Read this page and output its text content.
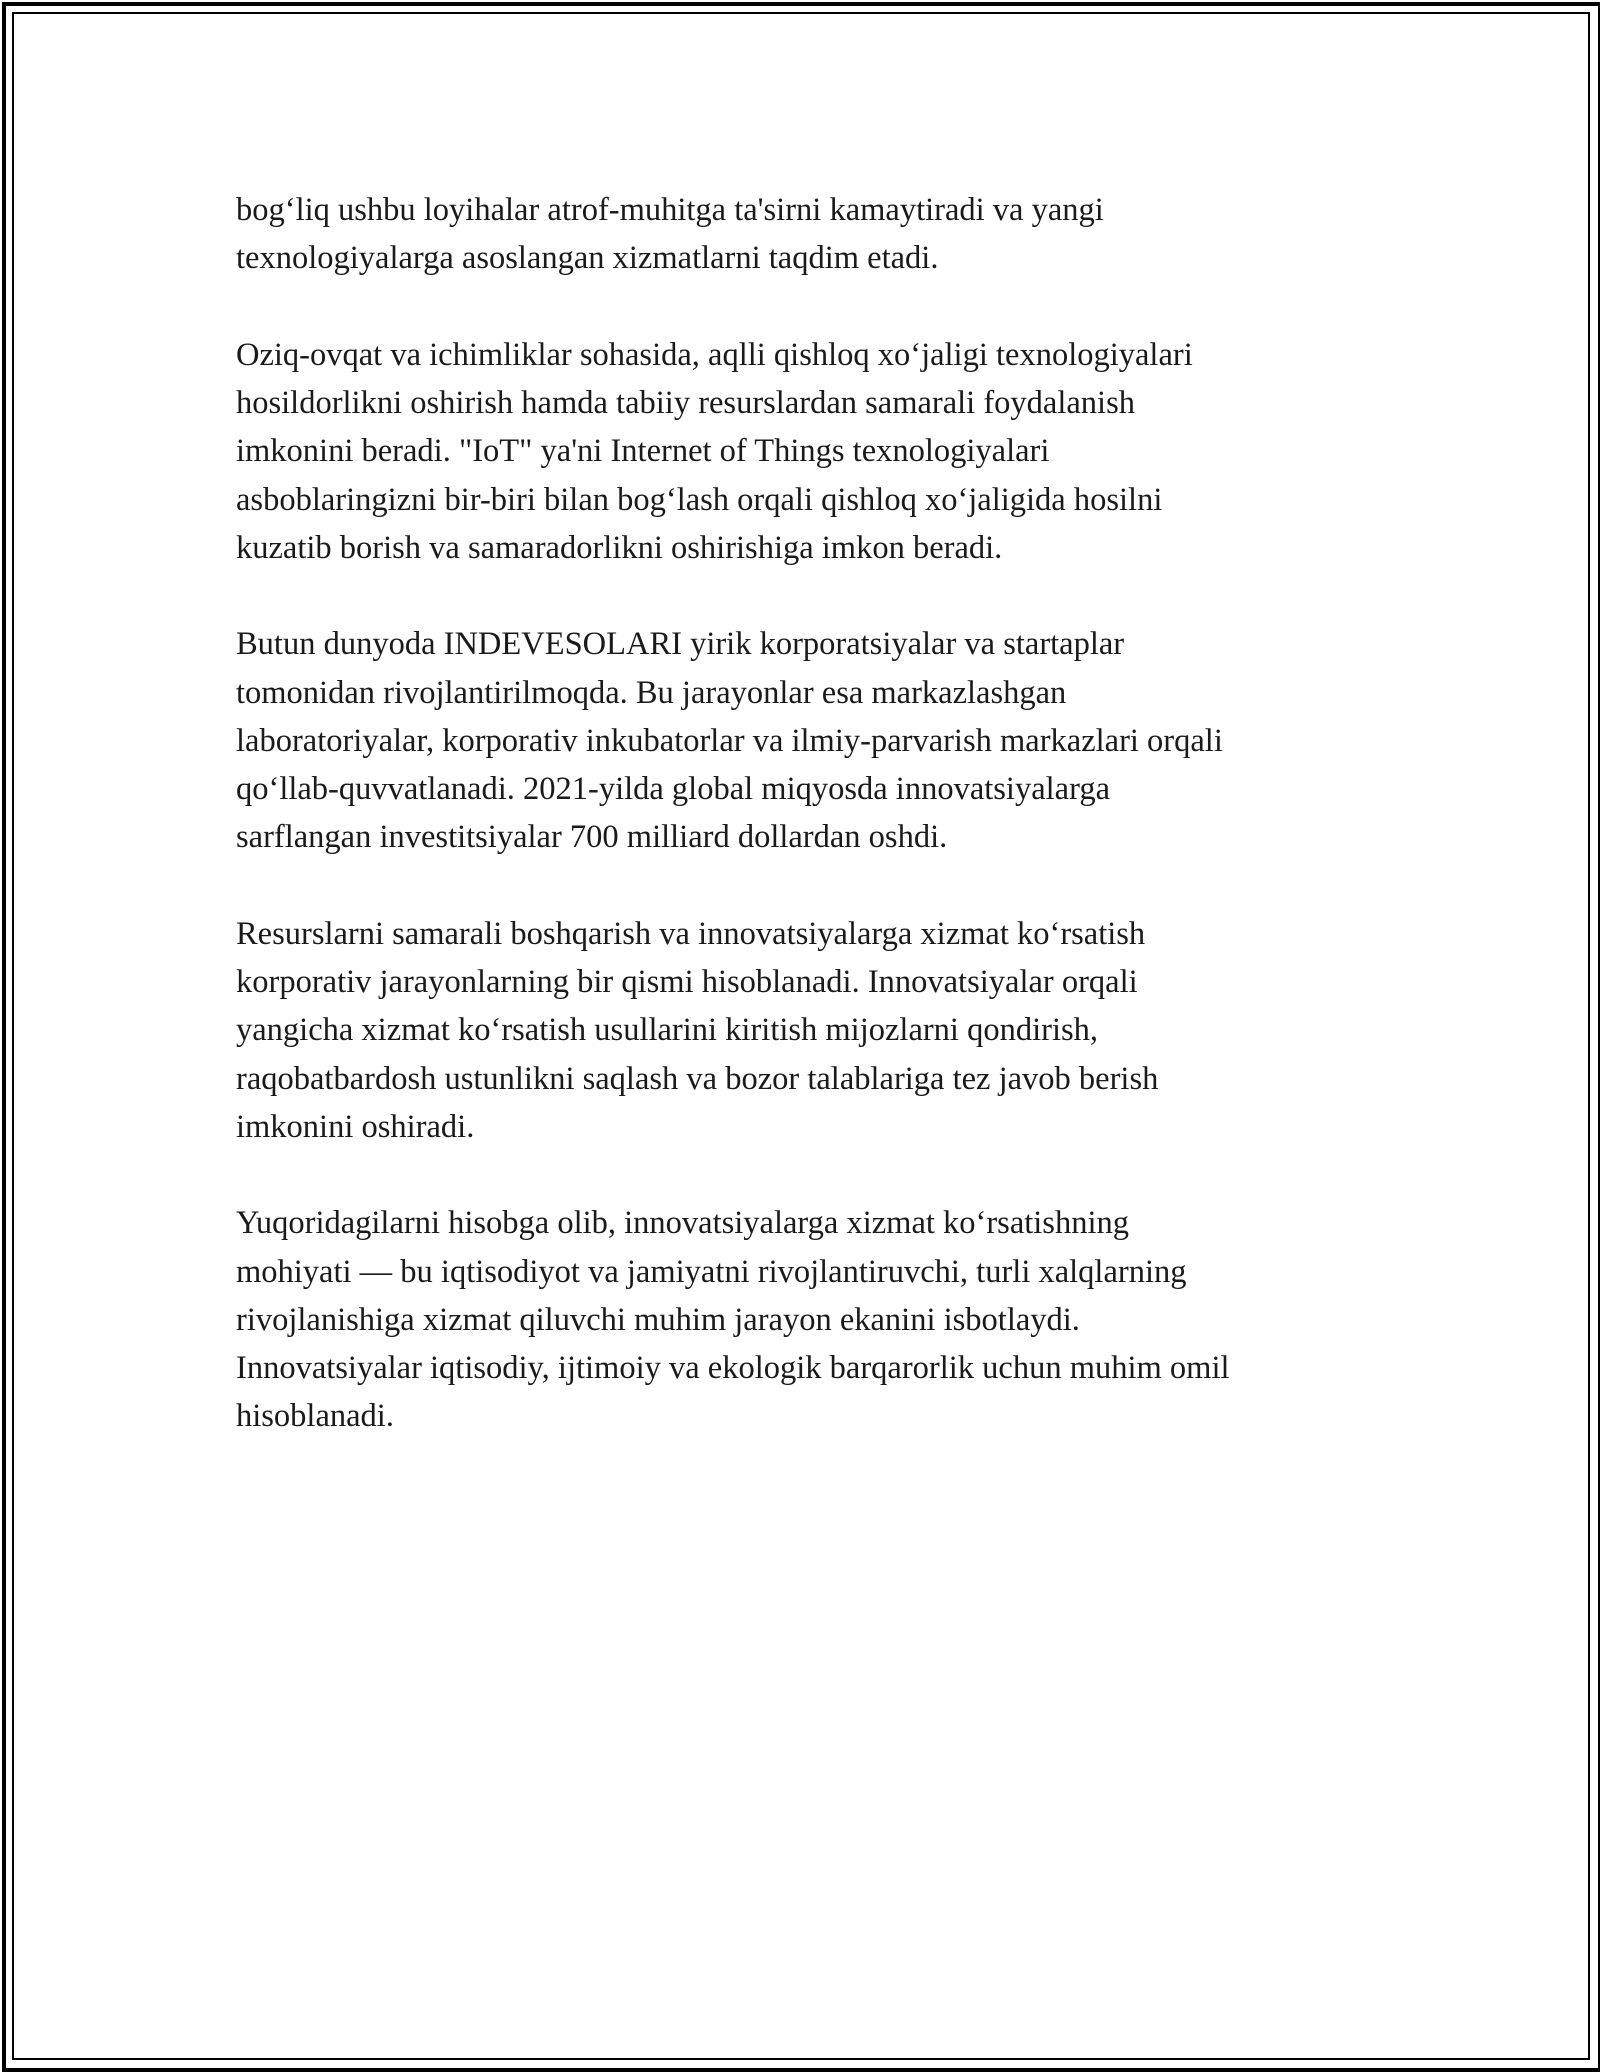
bog‘liq ushbu loyihalar atrof-muhitga ta'sirni kamaytiradi va yangi
texnologiyalarga asoslangan xizmatlarni taqdim etadi.

Oziq-ovqat va ichimliklar sohasida, aqlli qishloq xo‘jaligi texnologiyalari
hosildorlikni oshirish hamda tabiiy resurslardan samarali foydalanish
imkonini beradi. "IoT" ya'ni Internet of Things texnologiyalari
asboblaringizni bir-biri bilan bog‘lash orqali qishloq xo‘jaligida hosilni
kuzatib borish va samaradorlikni oshirishiga imkon beradi.

Butun dunyoda INDEVESOLARI yirik korporatsiyalar va startaplar
tomonidan rivojlantirilmoqda. Bu jarayonlar esa markazlashgan
laboratoriyalar, korporativ inkubatorlar va ilmiy-parvarish markazlari orqali
qo‘llab-quvvatlanadi. 2021-yilda global miqyosda innovatsiyalarga
sarflangan investitsiyalar 700 milliard dollardan oshdi.

Resurslarni samarali boshqarish va innovatsiyalarga xizmat ko‘rsatish
korporativ jarayonlarning bir qismi hisoblanadi. Innovatsiyalar orqali
yangicha xizmat ko‘rsatish usullarini kiritish mijozlarni qondirish,
raqobatbardosh ustunlikni saqlash va bozor talablariga tez javob berish
imkonini oshiradi.

Yuqoridagilarni hisobga olib, innovatsiyalarga xizmat ko‘rsatishning
mohiyati — bu iqtisodiyot va jamiyatni rivojlantiruvchi, turli xalqlarning
rivojlanishiga xizmat qiluvchi muhim jarayon ekanini isbotlaydi.
Innovatsiyalar iqtisodiy, ijtimoiy va ekologik barqarorlik uchun muhim omil
hisoblanadi.
